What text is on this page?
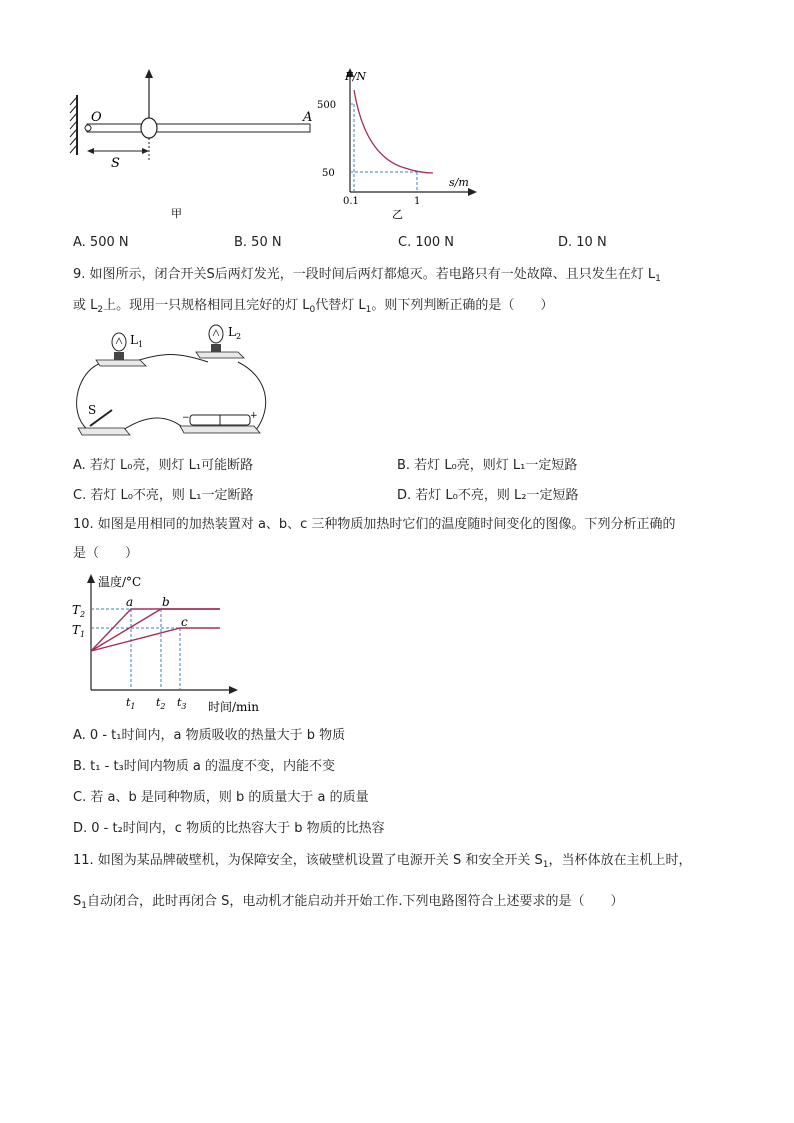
O	A
S
甲
F/N
s/m
500
50
0.1	1
乙
A. 500 N	B. 50 N	C. 100 N	D. 10 N
9. 如图所示，闭合开关S后两灯发光，一段时间后两灯都熄灭。若电路只有一处故障、且只发生在灯 $L_1$
或 $L_2$上。现用一只规格相同且完好的灯 $L_0$代替灯 $L_1$。则下列判断正确的是（　　）
$L_1$
$L_2$
S
−	+
A. 若灯 L₀亮，则灯 L₁可能断路	B. 若灯 L₀亮，则灯 L₁一定短路
C. 若灯 L₀不亮，则 L₁一定断路	D. 若灯 L₀不亮，则 L₂一定短路
10. 如图是用相同的加热装置对 a、b、c 三种物质加热时它们的温度随时间变化的图像。下列分析正确的
是（　　）
温度/°C
时间/min
$T_2$
$T_1$
$t_1$ $t_2$ $t_3$
a b
c
A. 0 - t₁时间内，a 物质吸收的热量大于 b 物质
B. t₁ - t₃时间内物质 a 的温度不变，内能不变
C. 若 a、b 是同种物质，则 b 的质量大于 a 的质量
D. 0 - t₂时间内，c 物质的比热容大于 b 物质的比热容
11. 如图为某品牌破壁机，为保障安全，该破壁机设置了电源开关 S 和安全开关 $S_1$，当杯体放在主机上时，
$S_1$自动闭合，此时再闭合 S，电动机才能启动并开始工作.下列电路图符合上述要求的是（　　）
